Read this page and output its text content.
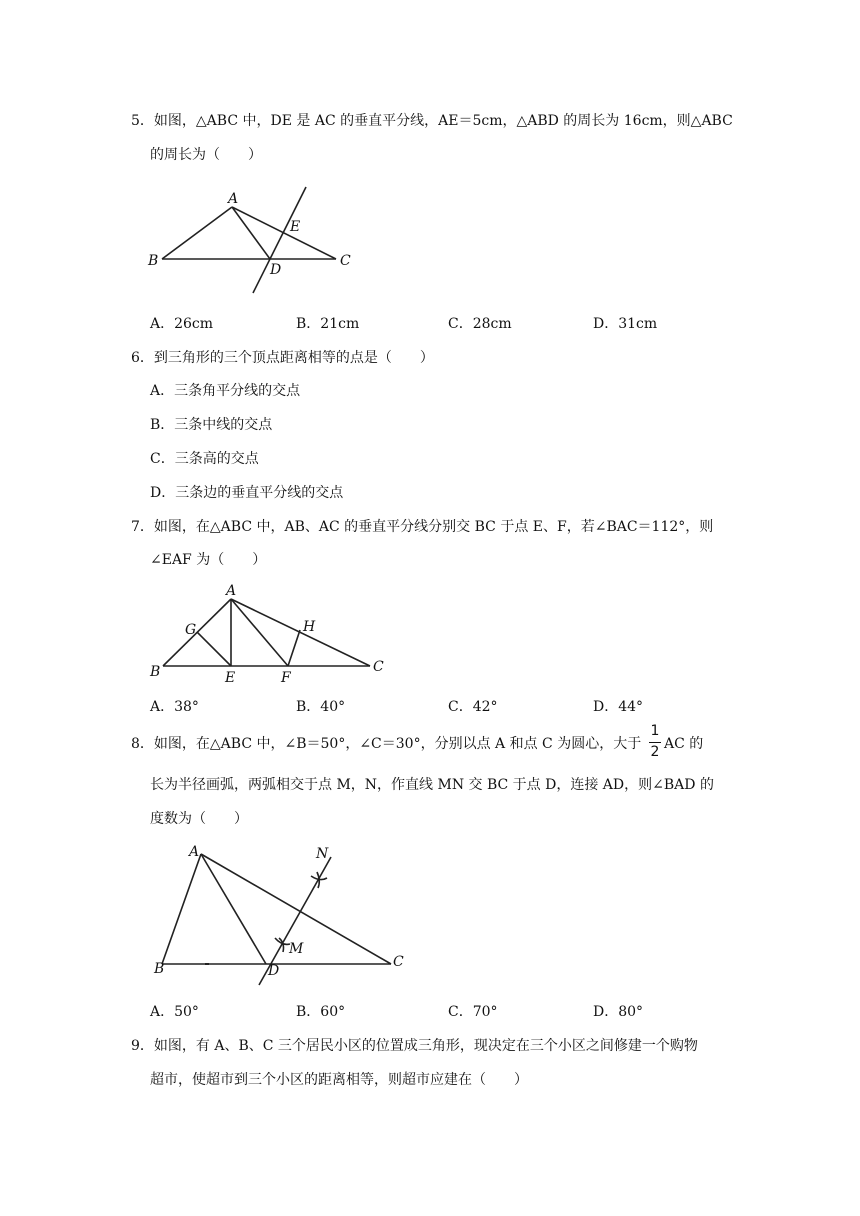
5．如图，△ABC 中，DE 是 AC 的垂直平分线，AE＝5cm，△ABD 的周长为 16cm，则△ABC
的周长为（　　）
A
B	C
D
E
A．26cm	B．21cm	C．28cm	D．31cm
6．到三角形的三个顶点距离相等的点是（　　）
A．三条角平分线的交点
B．三条中线的交点
C．三条高的交点
D．三条边的垂直平分线的交点
7．如图，在△ABC 中，AB、AC 的垂直平分线分别交 BC 于点 E、F，若∠BAC＝112°，则
∠EAF 为（　　）
A
B	C
E	F
G	H
A．38°	B．40°	C．42°	D．44°
8．如图，在△ABC 中，∠B＝50°，∠C＝30°，分别以点 A 和点 C 为圆心，大于
1
2 AC 的
长为半径画弧，两弧相交于点 M，N，作直线 MN 交 BC 于点 D，连接 AD，则∠BAD 的
度数为（　　）
A
B	C
D
M
N
A．50°	B．60°	C．70°	D．80°
9．如图，有 A、B、C 三个居民小区的位置成三角形，现决定在三个小区之间修建一个购物
超市，使超市到三个小区的距离相等，则超市应建在（　　）
